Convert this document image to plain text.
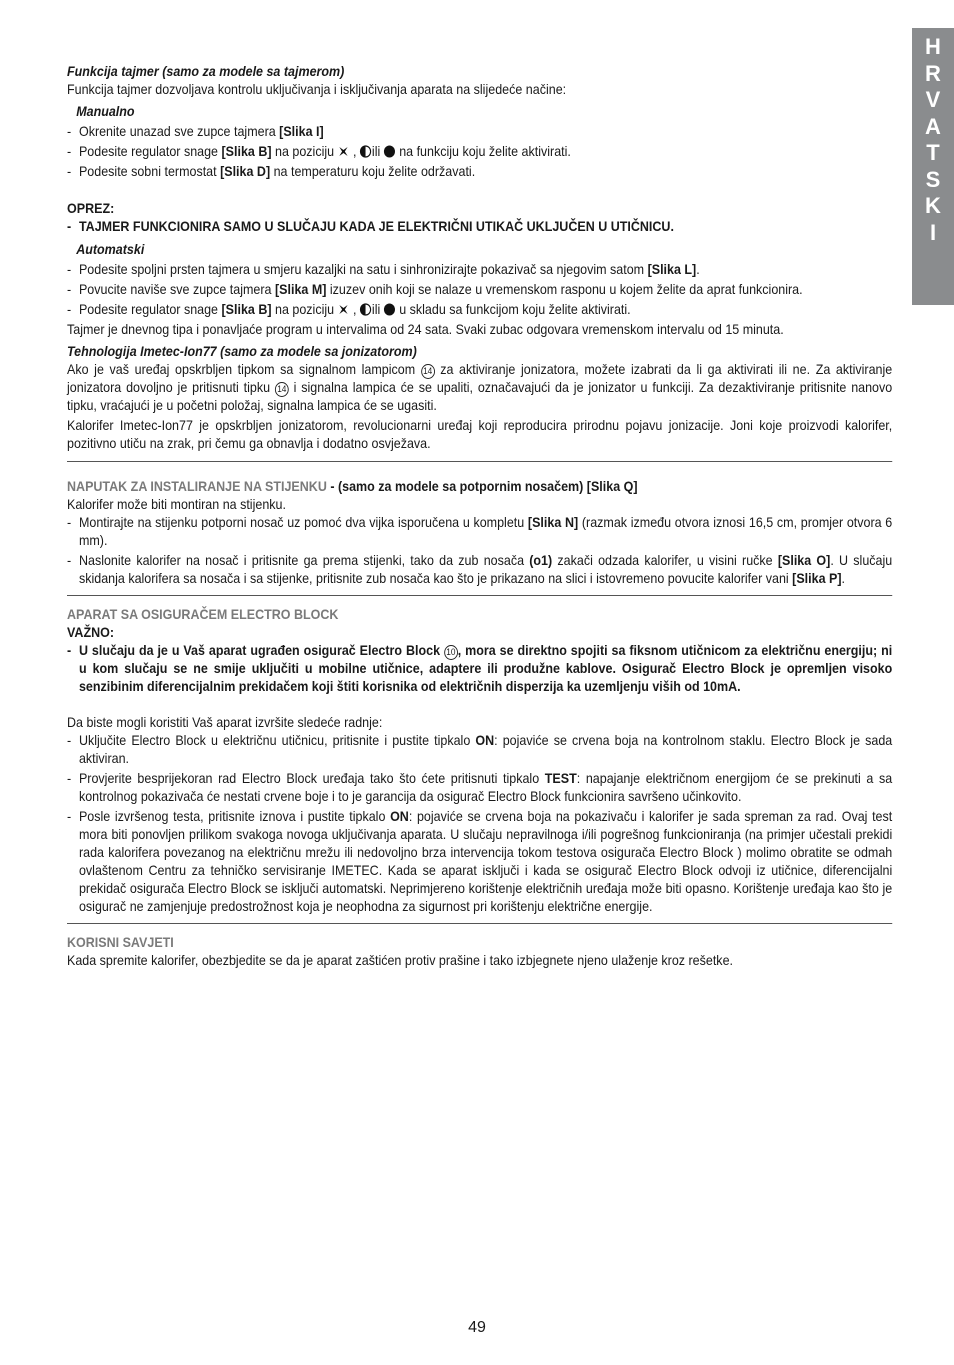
H
R
V
A
T
S
K
I

Funkcija tajmer (samo za modele sa tajmerom)

Funkcija tajmer dozvoljava kontrolu uključivanja i isključivanja aparata na slijedeće načine:

Manualno

- Okrenite unazad sve zupce tajmera [Slika I]
- Podesite regulator snage [Slika B] na poziciju  , ili  na funkciju koju želite aktivirati.
- Podesite sobni termostat [Slika D] na temperaturu koju želite održavati.

OPREZ:

- TAJMER FUNKCIONIRA SAMO U SLUČAJU KADA JE ELEKTRIČNI UTIKAČ UKLJUČEN U UTIČNICU.

Automatski

- Podesite spoljni prsten tajmera u smjeru kazaljki na satu i sinhronizirajte pokazivač sa njegovim satom [Slika L].
- Povucite naviše sve zupce tajmera [Slika M] izuzev onih koji se nalaze u vremenskom rasponu u kojem želite da aprat funkcionira.
- Podesite regulator snage [Slika B] na poziciju  , ili  u skladu sa funkcijom koju želite aktivirati.

Tajmer je dnevnog tipa i ponavljaće program u intervalima od 24 sata. Svaki zubac odgovara vremenskom intervalu od 15 minuta.

Tehnologija Imetec-Ion77 (samo za modele sa jonizatorom)

Ako je vaš uređaj opskrbljen tipkom sa signalnom lampicom 14 za aktiviranje jonizatora, možete izabrati da li ga aktivirati ili ne. Za aktiviranje jonizatora dovoljno je pritisnuti tipku 14 i signalna lampica će se upaliti, označavajući da je jonizator u funkciji. Za dezaktiviranje pritisnite nanovo tipku, vraćajući je u početni položaj, signalna lampica će se ugasiti.

Kalorifer Imetec-Ion77 je opskrbljen jonizatorom, revolucionarni uređaj koji reproducira prirodnu pojavu jonizacije. Joni koje proizvodi kalorifer, pozitivno utiču na zrak, pri čemu ga obnavlja i dodatno osvježava.

NAPUTAK ZA INSTALIRANJE NA STIJENKU - (samo za modele sa potpornim nosačem) [Slika Q]

Kalorifer može biti montiran na stijenku.

- Montirajte na stijenku potporni nosač uz pomoć dva vijka isporučena u kompletu [Slika N] (razmak između otvora iznosi 16,5 cm, promjer otvora 6 mm).
- Naslonite kalorifer na nosač i pritisnite ga prema stijenki, tako da zub nosača (o1) zakači odzada kalorifer, u visini ručke [Slika O]. U slučaju skidanja kalorifera sa nosača i sa stijenke, pritisnite zub nosača kao što je prikazano na slici i istovremeno povucite kalorifer vani [Slika P].

APARAT SA OSIGURAČEM ELECTRO BLOCK

VAŽNO:

- U slučaju da je u Vaš aparat ugrađen osigurač Electro Block 10 , mora se direktno spojiti sa fiksnom utičnicom za električnu energiju; ni u kom slučaju se ne smije uključiti u mobilne utičnice, adaptere ili produžne kablove. Osigurač Electro Block je opremljen visoko senzibinim diferencijalnim prekidačem koji štiti korisnika od električnih disperzija ka uzemljenju viših od 10mA.

Da biste mogli koristiti Vaš aparat izvršite sledeće radnje:

- Uključite Electro Block u električnu utičnicu, pritisnite i pustite tipkalo ON: pojaviće se crvena boja na kontrolnom staklu. Electro Block je sada aktiviran.
- Provjerite besprijekoran rad Electro Block uređaja tako što ćete pritisnuti tipkalo TEST: napajanje električnom energijom će se prekinuti a sa kontrolnog pokazivača će nestati crvene boje i to je garancija da osigurač Electro Block funkcionira savršeno učinkovito.
- Posle izvršenog testa, pritisnite iznova i pustite tipkalo ON: pojaviće se crvena boja na pokazivaču i kalorifer je sada spreman za rad. Ovaj test mora biti ponovljen prilikom svakoga novoga uključivanja aparata. U slučaju nepravilnoga i/ili pogrešnog funkcioniranja (na primjer učestali prekidi rada kalorifera povezanog na električnu mrežu ili nedovoljno brza intervencija tokom testova osigurača Electro Block ) molimo obratite se odmah ovlaštenom Centru za tehničko servisiranje IMETEC. Kada se aparat isključi i kada se osigurač Electro Block odvoji iz utičnice, diferencijalni prekidač osigurača Electro Block se isključi automatski. Neprimjereno korištenje električnih uređaja može biti opasno. Korištenje uređaja kao što je osigurač ne zamjenjuje predostrožnost koja je neophodna za sigurnost pri korištenju električne energije.

KORISNI SAVJETI

Kada spremite kalorifer, obezbjedite se da je aparat zaštićen protiv prašine i tako izbjegnete njeno ulaženje kroz rešetke.

49
